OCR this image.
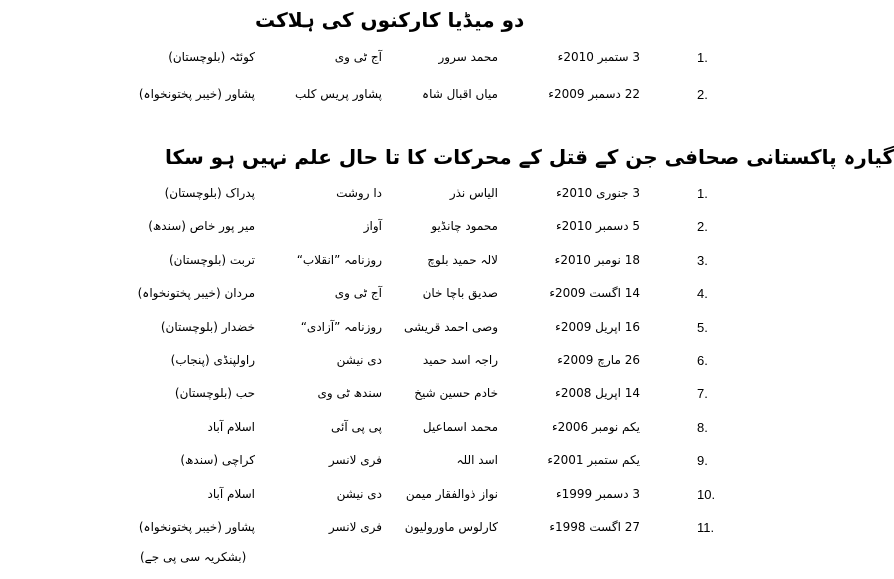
دو میڈیا کارکنوں کی ہلاکت
1.
3 ستمبر 2010ء
محمد سرور
آج ٹی وی
کوئٹہ (بلوچستان)
2.
22 دسمبر 2009ء
میاں اقبال شاہ
پشاور پریس کلب
پشاور (خیبر پختونخواہ)
گیارہ پاکستانی صحافی جن کے قتل کے محرکات کا تا حال علم نہیں ہو سکا
1.
3 جنوری 2010ء
الیاس نذر
دا روشت
پدراک (بلوچستان)
2.
5 دسمبر 2010ء
محمود چانڈیو
آواز
میر پور خاص (سندھ)
3.
18 نومبر 2010ء
لالہ حمید بلوچ
روزنامہ ”انقلاب“
تربت (بلوچستان)
4.
14 اگست 2009ء
صدیق باچا خان
آج ٹی وی
مردان (خیبر پختونخواہ)
5.
16 اپریل 2009ء
وصی احمد قریشی
روزنامہ ”آزادی“
خضدار (بلوچستان)
6.
26 مارچ 2009ء
راجہ اسد حمید
دی نیشن
راولپنڈی (پنجاب)
7.
14 اپریل 2008ء
خادم حسین شیخ
سندھ ٹی وی
حب (بلوچستان)
8.
یکم نومبر 2006ء
محمد اسماعیل
پی پی آئی
اسلام آباد
9.
یکم ستمبر 2001ء
اسد اللہ
فری لانسر
کراچی (سندھ)
10.
3 دسمبر 1999ء
نواز ذوالفقار میمن
دی نیشن
اسلام آباد
11.
27 اگست 1998ء
کارلوس ماورولیون
فری لانسر
پشاور (خیبر پختونخواہ)
(بشکریہ سی پی جے)
